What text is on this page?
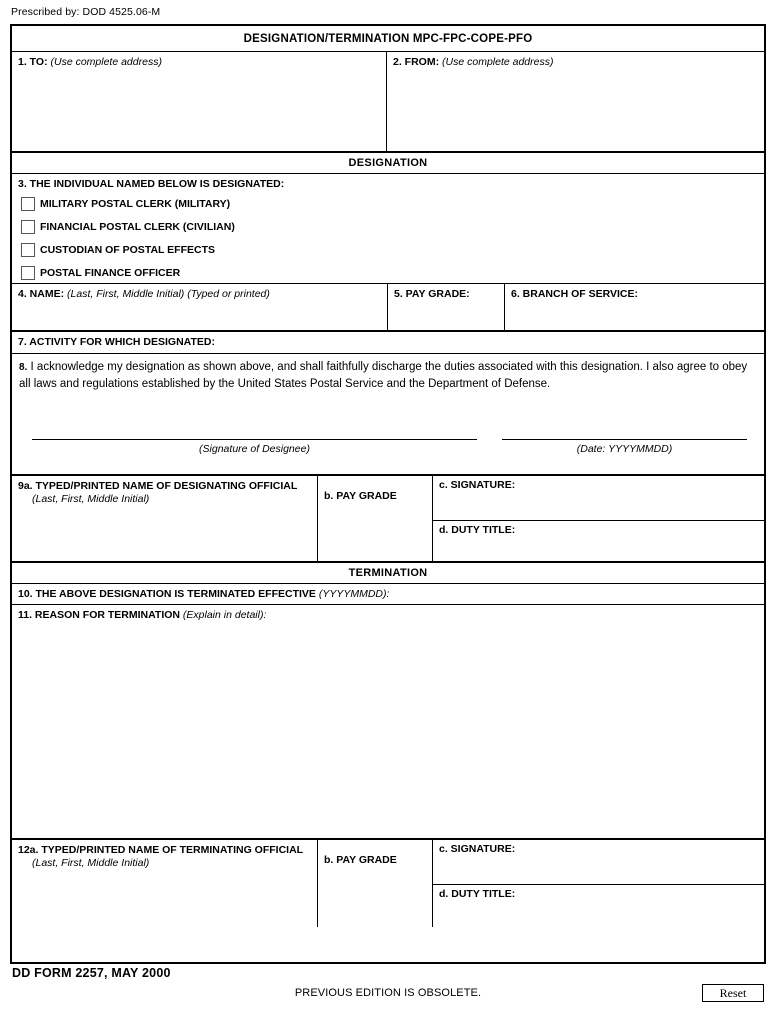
Prescribed by: DOD 4525.06-M
DESIGNATION/TERMINATION MPC-FPC-COPE-PFO
1. TO: (Use complete address)	2. FROM: (Use complete address)
DESIGNATION
3. THE INDIVIDUAL NAMED BELOW IS DESIGNATED:
MILITARY POSTAL CLERK (MILITARY)
FINANCIAL POSTAL CLERK (CIVILIAN)
CUSTODIAN OF POSTAL EFFECTS
POSTAL FINANCE OFFICER
4. NAME: (Last, First, Middle Initial) (Typed or printed)	5. PAY GRADE:	6. BRANCH OF SERVICE:
7. ACTIVITY FOR WHICH DESIGNATED:
8. I acknowledge my designation as shown above, and shall faithfully discharge the duties associated with this designation. I also agree to obey all laws and regulations established by the United States Postal Service and the Department of Defense.
(Signature of Designee)	(Date: YYYYMMDD)
9a. TYPED/PRINTED NAME OF DESIGNATING OFFICIAL
(Last, First, Middle Initial)	b. PAY GRADE
c. SIGNATURE:
d. DUTY TITLE:
TERMINATION
10. THE ABOVE DESIGNATION IS TERMINATED EFFECTIVE (YYYYMMDD):
11. REASON FOR TERMINATION (Explain in detail):
12a. TYPED/PRINTED NAME OF TERMINATING OFFICIAL
(Last, First, Middle Initial)	b. PAY GRADE
c. SIGNATURE:
d. DUTY TITLE:
DD FORM 2257, MAY 2000
PREVIOUS EDITION IS OBSOLETE.	Reset
